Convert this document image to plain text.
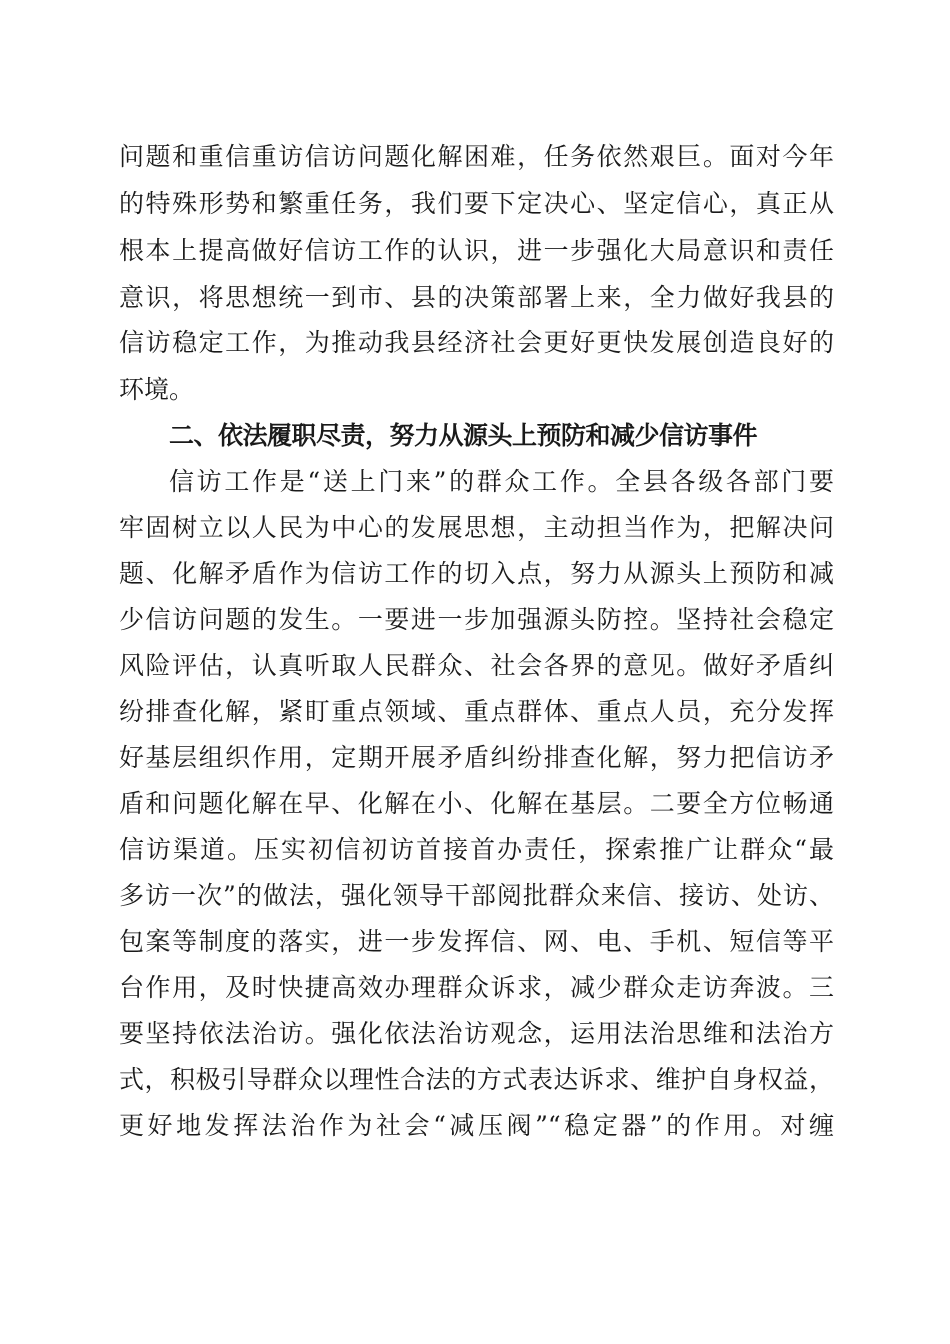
问题和重信重访信访问题化解困难，任务依然艰巨。面对今年
的特殊形势和繁重任务，我们要下定决心、坚定信心，真正从
根本上提高做好信访工作的认识，进一步强化大局意识和责任
意识，将思想统一到市、县的决策部署上来，全力做好我县的
信访稳定工作，为推动我县经济社会更好更快发展创造良好的
环境。
二、依法履职尽责，努力从源头上预防和减少信访事件
信访工作是“送上门来”的群众工作。全县各级各部门要
牢固树立以人民为中心的发展思想，主动担当作为，把解决问
题、化解矛盾作为信访工作的切入点，努力从源头上预防和减
少信访问题的发生。一要进一步加强源头防控。坚持社会稳定
风险评估，认真听取人民群众、社会各界的意见。做好矛盾纠
纷排查化解，紧盯重点领域、重点群体、重点人员，充分发挥
好基层组织作用，定期开展矛盾纠纷排查化解，努力把信访矛
盾和问题化解在早、化解在小、化解在基层。二要全方位畅通
信访渠道。压实初信初访首接首办责任，探索推广让群众“最
多访一次”的做法，强化领导干部阅批群众来信、接访、处访、
包案等制度的落实，进一步发挥信、网、电、手机、短信等平
台作用，及时快捷高效办理群众诉求，减少群众走访奔波。三
要坚持依法治访。强化依法治访观念，运用法治思维和法治方
式，积极引导群众以理性合法的方式表达诉求、维护自身权益，
更好地发挥法治作为社会“减压阀”“稳定器”的作用。对缠
